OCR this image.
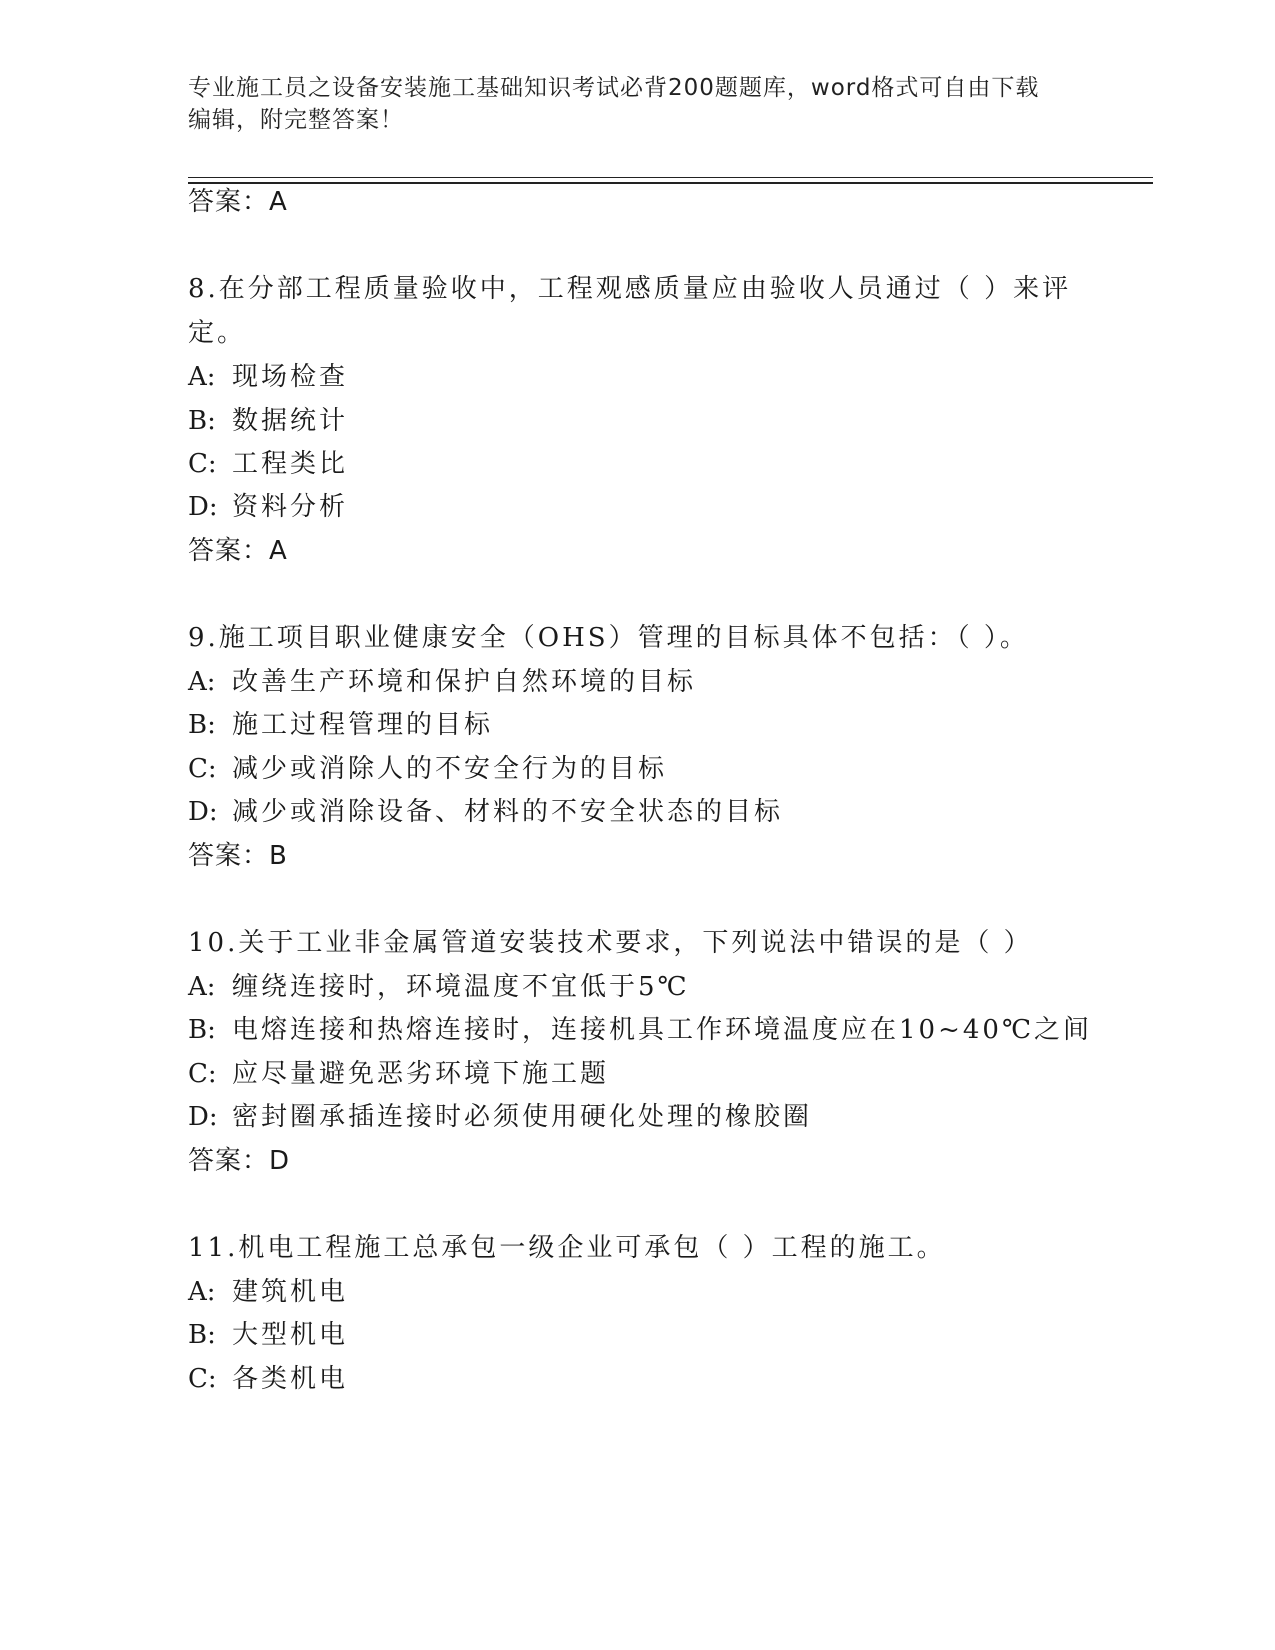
专业施工员之设备安装施工基础知识考试必背200题题库，word格式可自由下载
编辑，附完整答案！
答案：A
8.在分部工程质量验收中，工程观感质量应由验收人员通过（ ）来评
定。
A: 现场检查
B: 数据统计
C: 工程类比
D: 资料分析
答案：A
9.施工项目职业健康安全（OHS）管理的目标具体不包括：（ ）。
A: 改善生产环境和保护自然环境的目标
B: 施工过程管理的目标
C: 减少或消除人的不安全行为的目标
D: 减少或消除设备、材料的不安全状态的目标
答案：B
10.关于工业非金属管道安装技术要求，下列说法中错误的是（ ）
A: 缠绕连接时，环境温度不宜低于5℃
B: 电熔连接和热熔连接时，连接机具工作环境温度应在10~40℃之间
C: 应尽量避免恶劣环境下施工题
D: 密封圈承插连接时必须使用硬化处理的橡胶圈
答案：D
11.机电工程施工总承包一级企业可承包（ ）工程的施工。
A: 建筑机电
B: 大型机电
C: 各类机电
